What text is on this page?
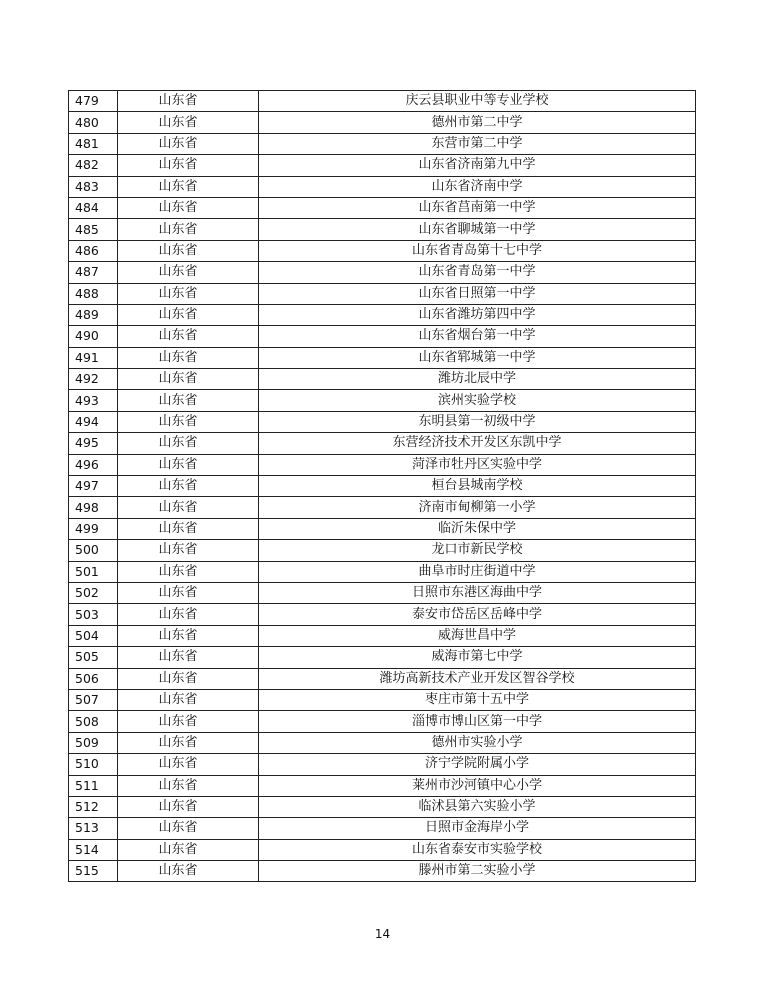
479	山东省	庆云县职业中等专业学校
480	山东省	德州市第二中学
481	山东省	东营市第二中学
482	山东省	山东省济南第九中学
483	山东省	山东省济南中学
484	山东省	山东省莒南第一中学
485	山东省	山东省聊城第一中学
486	山东省	山东省青岛第十七中学
487	山东省	山东省青岛第一中学
488	山东省	山东省日照第一中学
489	山东省	山东省潍坊第四中学
490	山东省	山东省烟台第一中学
491	山东省	山东省郓城第一中学
492	山东省	潍坊北辰中学
493	山东省	滨州实验学校
494	山东省	东明县第一初级中学
495	山东省	东营经济技术开发区东凯中学
496	山东省	菏泽市牡丹区实验中学
497	山东省	桓台县城南学校
498	山东省	济南市甸柳第一小学
499	山东省	临沂朱保中学
500	山东省	龙口市新民学校
501	山东省	曲阜市时庄街道中学
502	山东省	日照市东港区海曲中学
503	山东省	泰安市岱岳区岳峰中学
504	山东省	威海世昌中学
505	山东省	威海市第七中学
506	山东省	潍坊高新技术产业开发区智谷学校
507	山东省	枣庄市第十五中学
508	山东省	淄博市博山区第一中学
509	山东省	德州市实验小学
510	山东省	济宁学院附属小学
511	山东省	莱州市沙河镇中心小学
512	山东省	临沭县第六实验小学
513	山东省	日照市金海岸小学
514	山东省	山东省泰安市实验学校
515	山东省	滕州市第二实验小学
14
